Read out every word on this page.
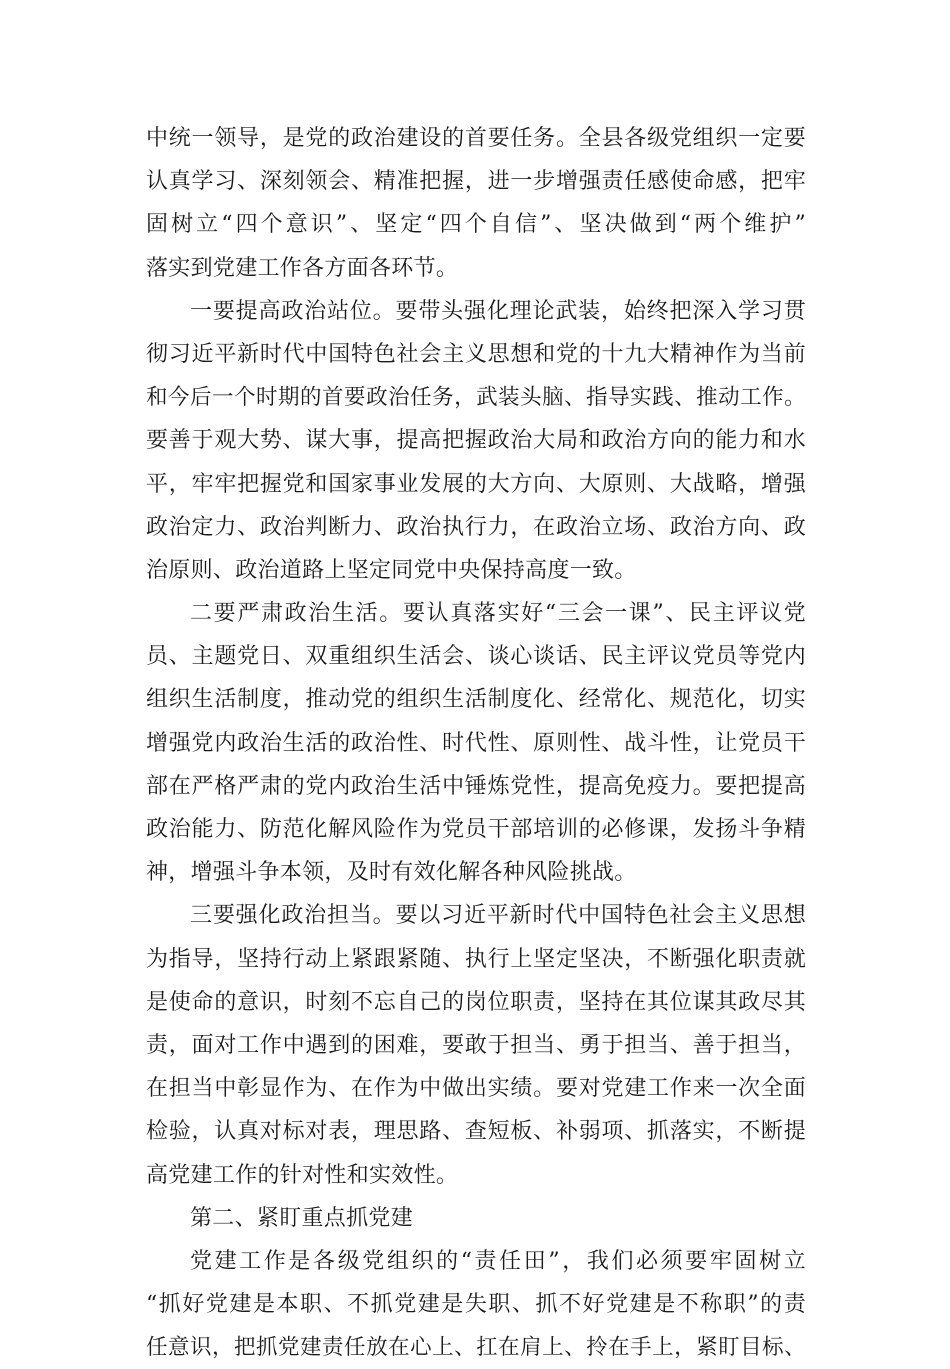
中统一领导，是党的政治建设的首要任务。全县各级党组织一定要
认真学习、深刻领会、精准把握，进一步增强责任感使命感，把牢
固树立“四个意识”、坚定“四个自信”、坚决做到“两个维护”
落实到党建工作各方面各环节。
一要提高政治站位。要带头强化理论武装，始终把深入学习贯
彻习近平新时代中国特色社会主义思想和党的十九大精神作为当前
和今后一个时期的首要政治任务，武装头脑、指导实践、推动工作。
要善于观大势、谋大事，提高把握政治大局和政治方向的能力和水
平，牢牢把握党和国家事业发展的大方向、大原则、大战略，增强
政治定力、政治判断力、政治执行力，在政治立场、政治方向、政
治原则、政治道路上坚定同党中央保持高度一致。
二要严肃政治生活。要认真落实好“三会一课”、民主评议党
员、主题党日、双重组织生活会、谈心谈话、民主评议党员等党内
组织生活制度，推动党的组织生活制度化、经常化、规范化，切实
增强党内政治生活的政治性、时代性、原则性、战斗性，让党员干
部在严格严肃的党内政治生活中锤炼党性，提高免疫力。要把提高
政治能力、防范化解风险作为党员干部培训的必修课，发扬斗争精
神，增强斗争本领，及时有效化解各种风险挑战。
三要强化政治担当。要以习近平新时代中国特色社会主义思想
为指导，坚持行动上紧跟紧随、执行上坚定坚决，不断强化职责就
是使命的意识，时刻不忘自己的岗位职责，坚持在其位谋其政尽其
责，面对工作中遇到的困难，要敢于担当、勇于担当、善于担当，
在担当中彰显作为、在作为中做出实绩。要对党建工作来一次全面
检验，认真对标对表，理思路、查短板、补弱项、抓落实，不断提
高党建工作的针对性和实效性。
第二、紧盯重点抓党建
党建工作是各级党组织的“责任田”，我们必须要牢固树立
“抓好党建是本职、不抓党建是失职、抓不好党建是不称职”的责
任意识，把抓党建责任放在心上、扛在肩上、拎在手上，紧盯目标、
